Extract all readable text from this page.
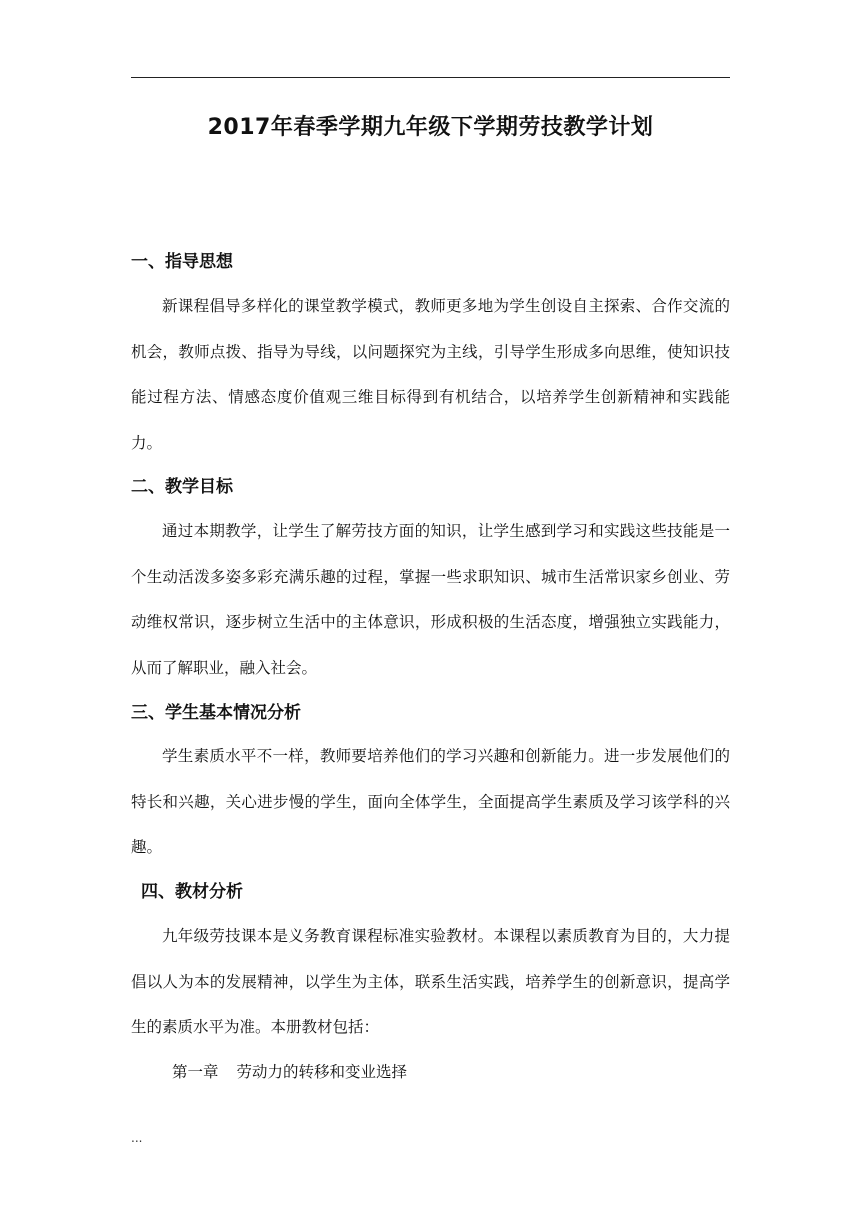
2017年春季学期九年级下学期劳技教学计划
一、指导思想

新课程倡导多样化的课堂教学模式，教师更多地为学生创设自主探索、合作交流的机会，教师点拨、指导为导线，以问题探究为主线，引导学生形成多向思维，使知识技能过程方法、情感态度价值观三维目标得到有机结合，以培养学生创新精神和实践能力。

二、教学目标

通过本期教学，让学生了解劳技方面的知识，让学生感到学习和实践这些技能是一个生动活泼多姿多彩充满乐趣的过程，掌握一些求职知识、城市生活常识家乡创业、劳动维权常识，逐步树立生活中的主体意识，形成积极的生活态度，增强独立实践能力，从而了解职业，融入社会。

三、学生基本情况分析

学生素质水平不一样，教师要培养他们的学习兴趣和创新能力。进一步发展他们的特长和兴趣，关心进步慢的学生，面向全体学生，全面提高学生素质及学习该学科的兴趣。

四、教材分析

九年级劳技课本是义务教育课程标准实验教材。本课程以素质教育为目的，大力提倡以人为本的发展精神，以学生为主体，联系生活实践，培养学生的创新意识，提高学生的素质水平为准。本册教材包括：

第一章 劳动力的转移和变业选择

...
